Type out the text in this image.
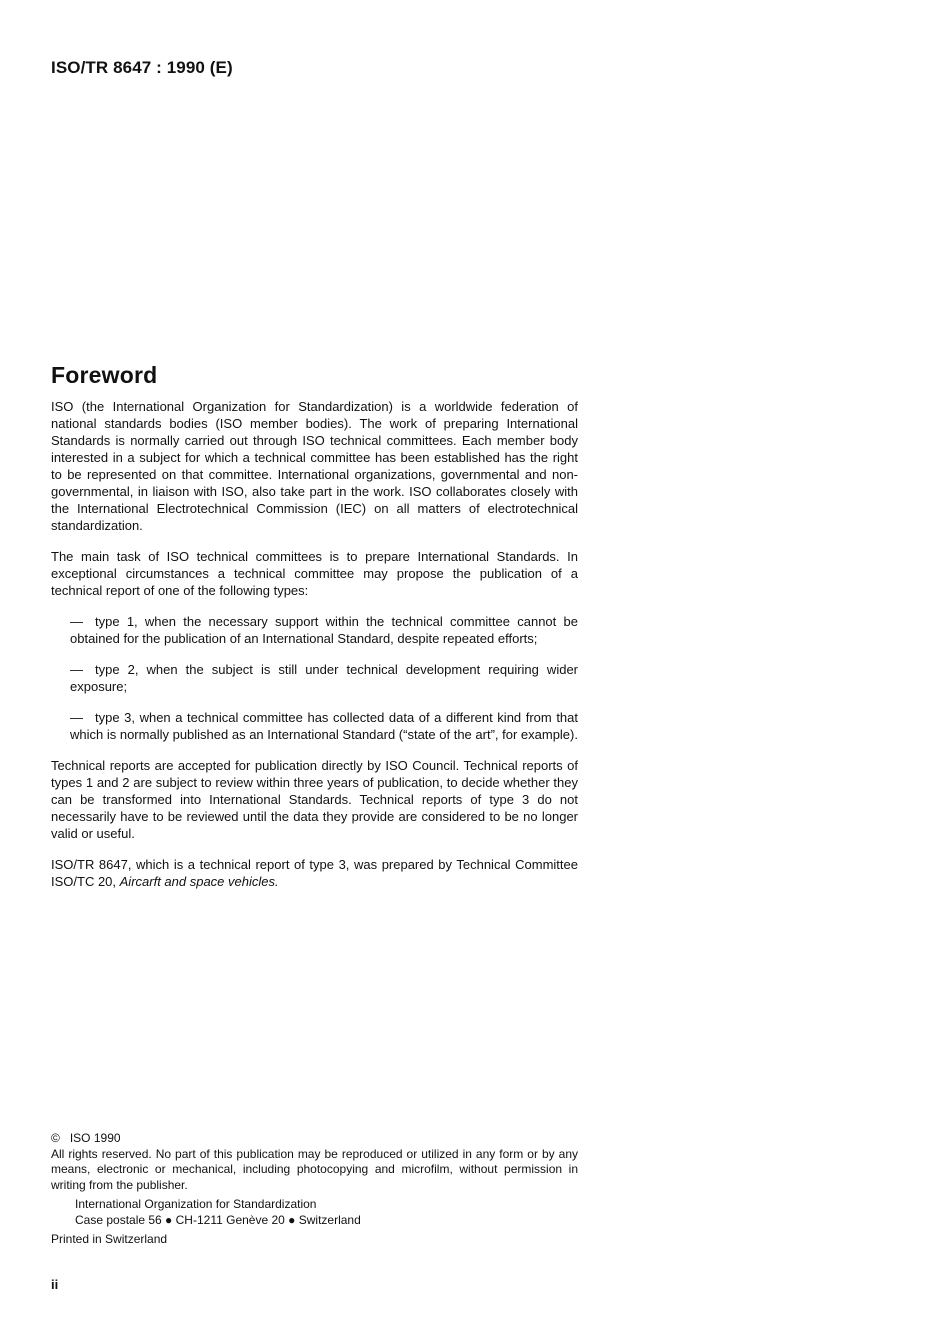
ISO/TR 8647 : 1990 (E)
Foreword

ISO (the International Organization for Standardization) is a worldwide federation of national standards bodies (ISO member bodies). The work of preparing International Standards is normally carried out through ISO technical committees. Each member body interested in a subject for which a technical committee has been established has the right to be represented on that committee. International organizations, governmental and non-governmental, in liaison with ISO, also take part in the work. ISO collaborates closely with the International Electrotechnical Commission (IEC) on all matters of electrotechnical standardization.

The main task of ISO technical committees is to prepare International Standards. In exceptional circumstances a technical committee may propose the publication of a technical report of one of the following types:

— type 1, when the necessary support within the technical committee cannot be obtained for the publication of an International Standard, despite repeated efforts;

— type 2, when the subject is still under technical development requiring wider exposure;

— type 3, when a technical committee has collected data of a different kind from that which is normally published as an International Standard (“state of the art”, for example).

Technical reports are accepted for publication directly by ISO Council. Technical reports of types 1 and 2 are subject to review within three years of publication, to decide whether they can be transformed into International Standards. Technical reports of type 3 do not necessarily have to be reviewed until the data they provide are considered to be no longer valid or useful.

ISO/TR 8647, which is a technical report of type 3, was prepared by Technical Committee ISO/TC 20, Aircarft and space vehicles.

© ISO 1990

All rights reserved. No part of this publication may be reproduced or utilized in any form or by any means, electronic or mechanical, including photocopying and microfilm, without permission in writing from the publisher.

International Organization for Standardization

Case postale 56 ● CH-1211 Genève 20 ● Switzerland

Printed in Switzerland

ii
